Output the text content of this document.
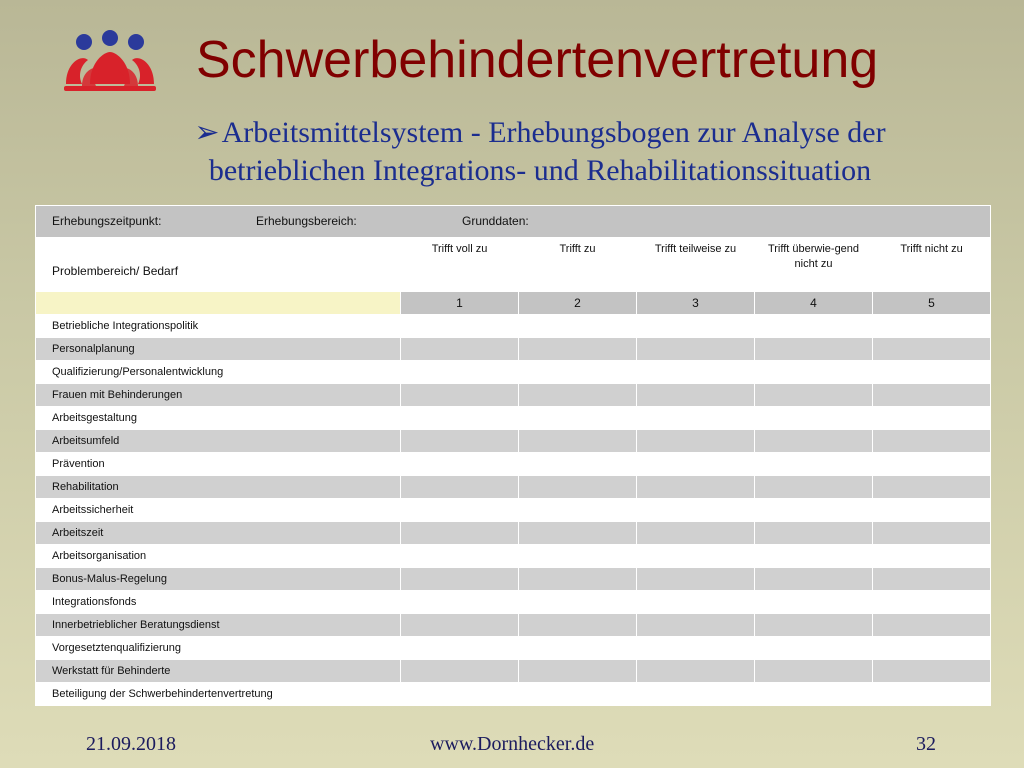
Schwerbehindertenvertretung
➢Arbeitsmittelsystem - Erhebungsbogen zur Analyse der betrieblichen Integrations- und Rehabilitationssituation
Erhebungszeitpunkt: Erhebungsbereich: Grunddaten:					

Problembereich/ Bedarf	Trifft voll zu	Trifft zu	Trifft teilweise zu	Trifft überwie-gend nicht zu	Trifft nicht zu
	1	2	3	4	5
Betriebliche Integrationspolitik					
Personalplanung					
Qualifizierung/Personalentwicklung					
Frauen mit Behinderungen					
Arbeitsgestaltung					
Arbeitsumfeld					
Prävention					
Rehabilitation					
Arbeitssicherheit					
Arbeitszeit					
Arbeitsorganisation					
Bonus-Malus-Regelung					
Integrationsfonds					
Innerbetrieblicher Beratungsdienst					
Vorgesetztenqualifizierung					
Werkstatt für Behinderte					
Beteiligung der Schwerbehindertenvertretung					
21.09.2018	www.Dornhecker.de	32
